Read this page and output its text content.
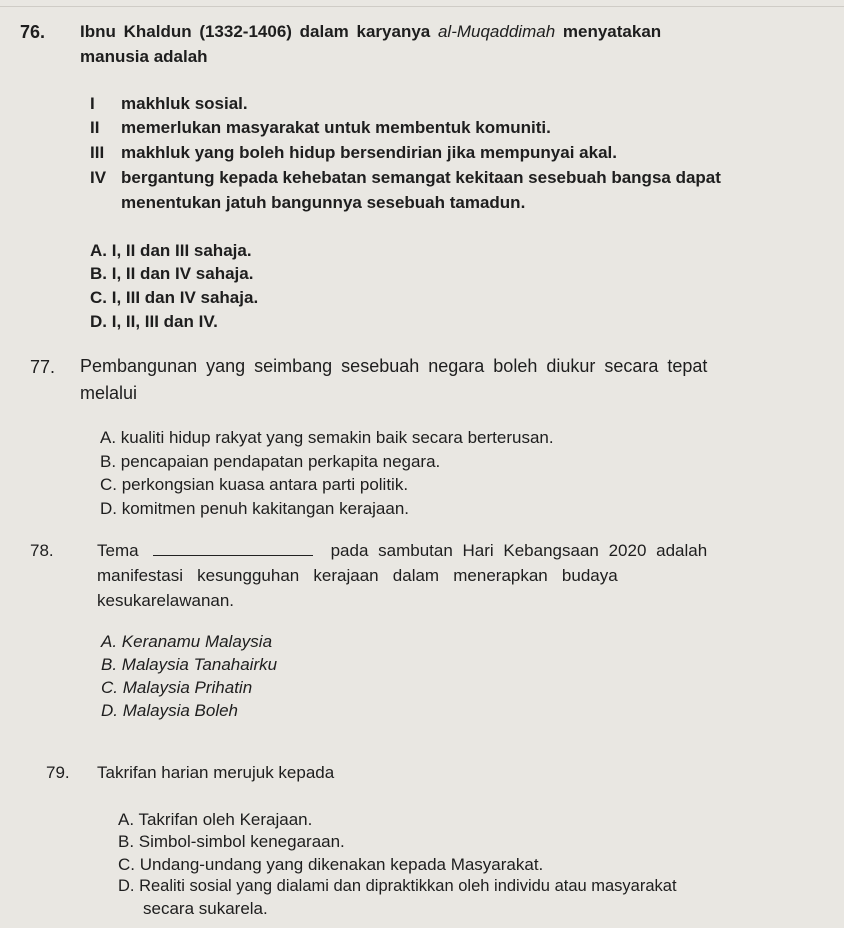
76. Ibnu Khaldun (1332-1406) dalam karyanya al-Muqaddimah menyatakan
manusia adalah
I makhluk sosial.
II memerlukan masyarakat untuk membentuk komuniti.
III makhluk yang boleh hidup bersendirian jika mempunyai akal.
IV bergantung kepada kehebatan semangat kekitaan sesebuah bangsa dapat
menentukan jatuh bangunnya sesebuah tamadun.
A. I, II dan III sahaja.
B. I, II dan IV sahaja.
C. I, III dan IV sahaja.
D. I, II, III dan IV.
77. Pembangunan yang seimbang sesebuah negara boleh diukur secara tepat
melalui
A. kualiti hidup rakyat yang semakin baik secara berterusan.
B. pencapaian pendapatan perkapita negara.
C. perkongsian kuasa antara parti politik.
D. komitmen penuh kakitangan kerajaan.
78.	Tema	pada sambutan Hari Kebangsaan 2020 adalah
manifestasi   kesungguhan   kerajaan   dalam   menerapkan   budaya
kesukarelawanan.
A. Keranamu Malaysia
B. Malaysia Tanahairku
C. Malaysia Prihatin
D. Malaysia Boleh
79. Takrifan harian merujuk kepada
A. Takrifan oleh Kerajaan.
B. Simbol-simbol kenegaraan.
C. Undang-undang yang dikenakan kepada Masyarakat.
D. Realiti sosial yang dialami dan dipraktikkan oleh individu atau masyarakat
secara sukarela.
